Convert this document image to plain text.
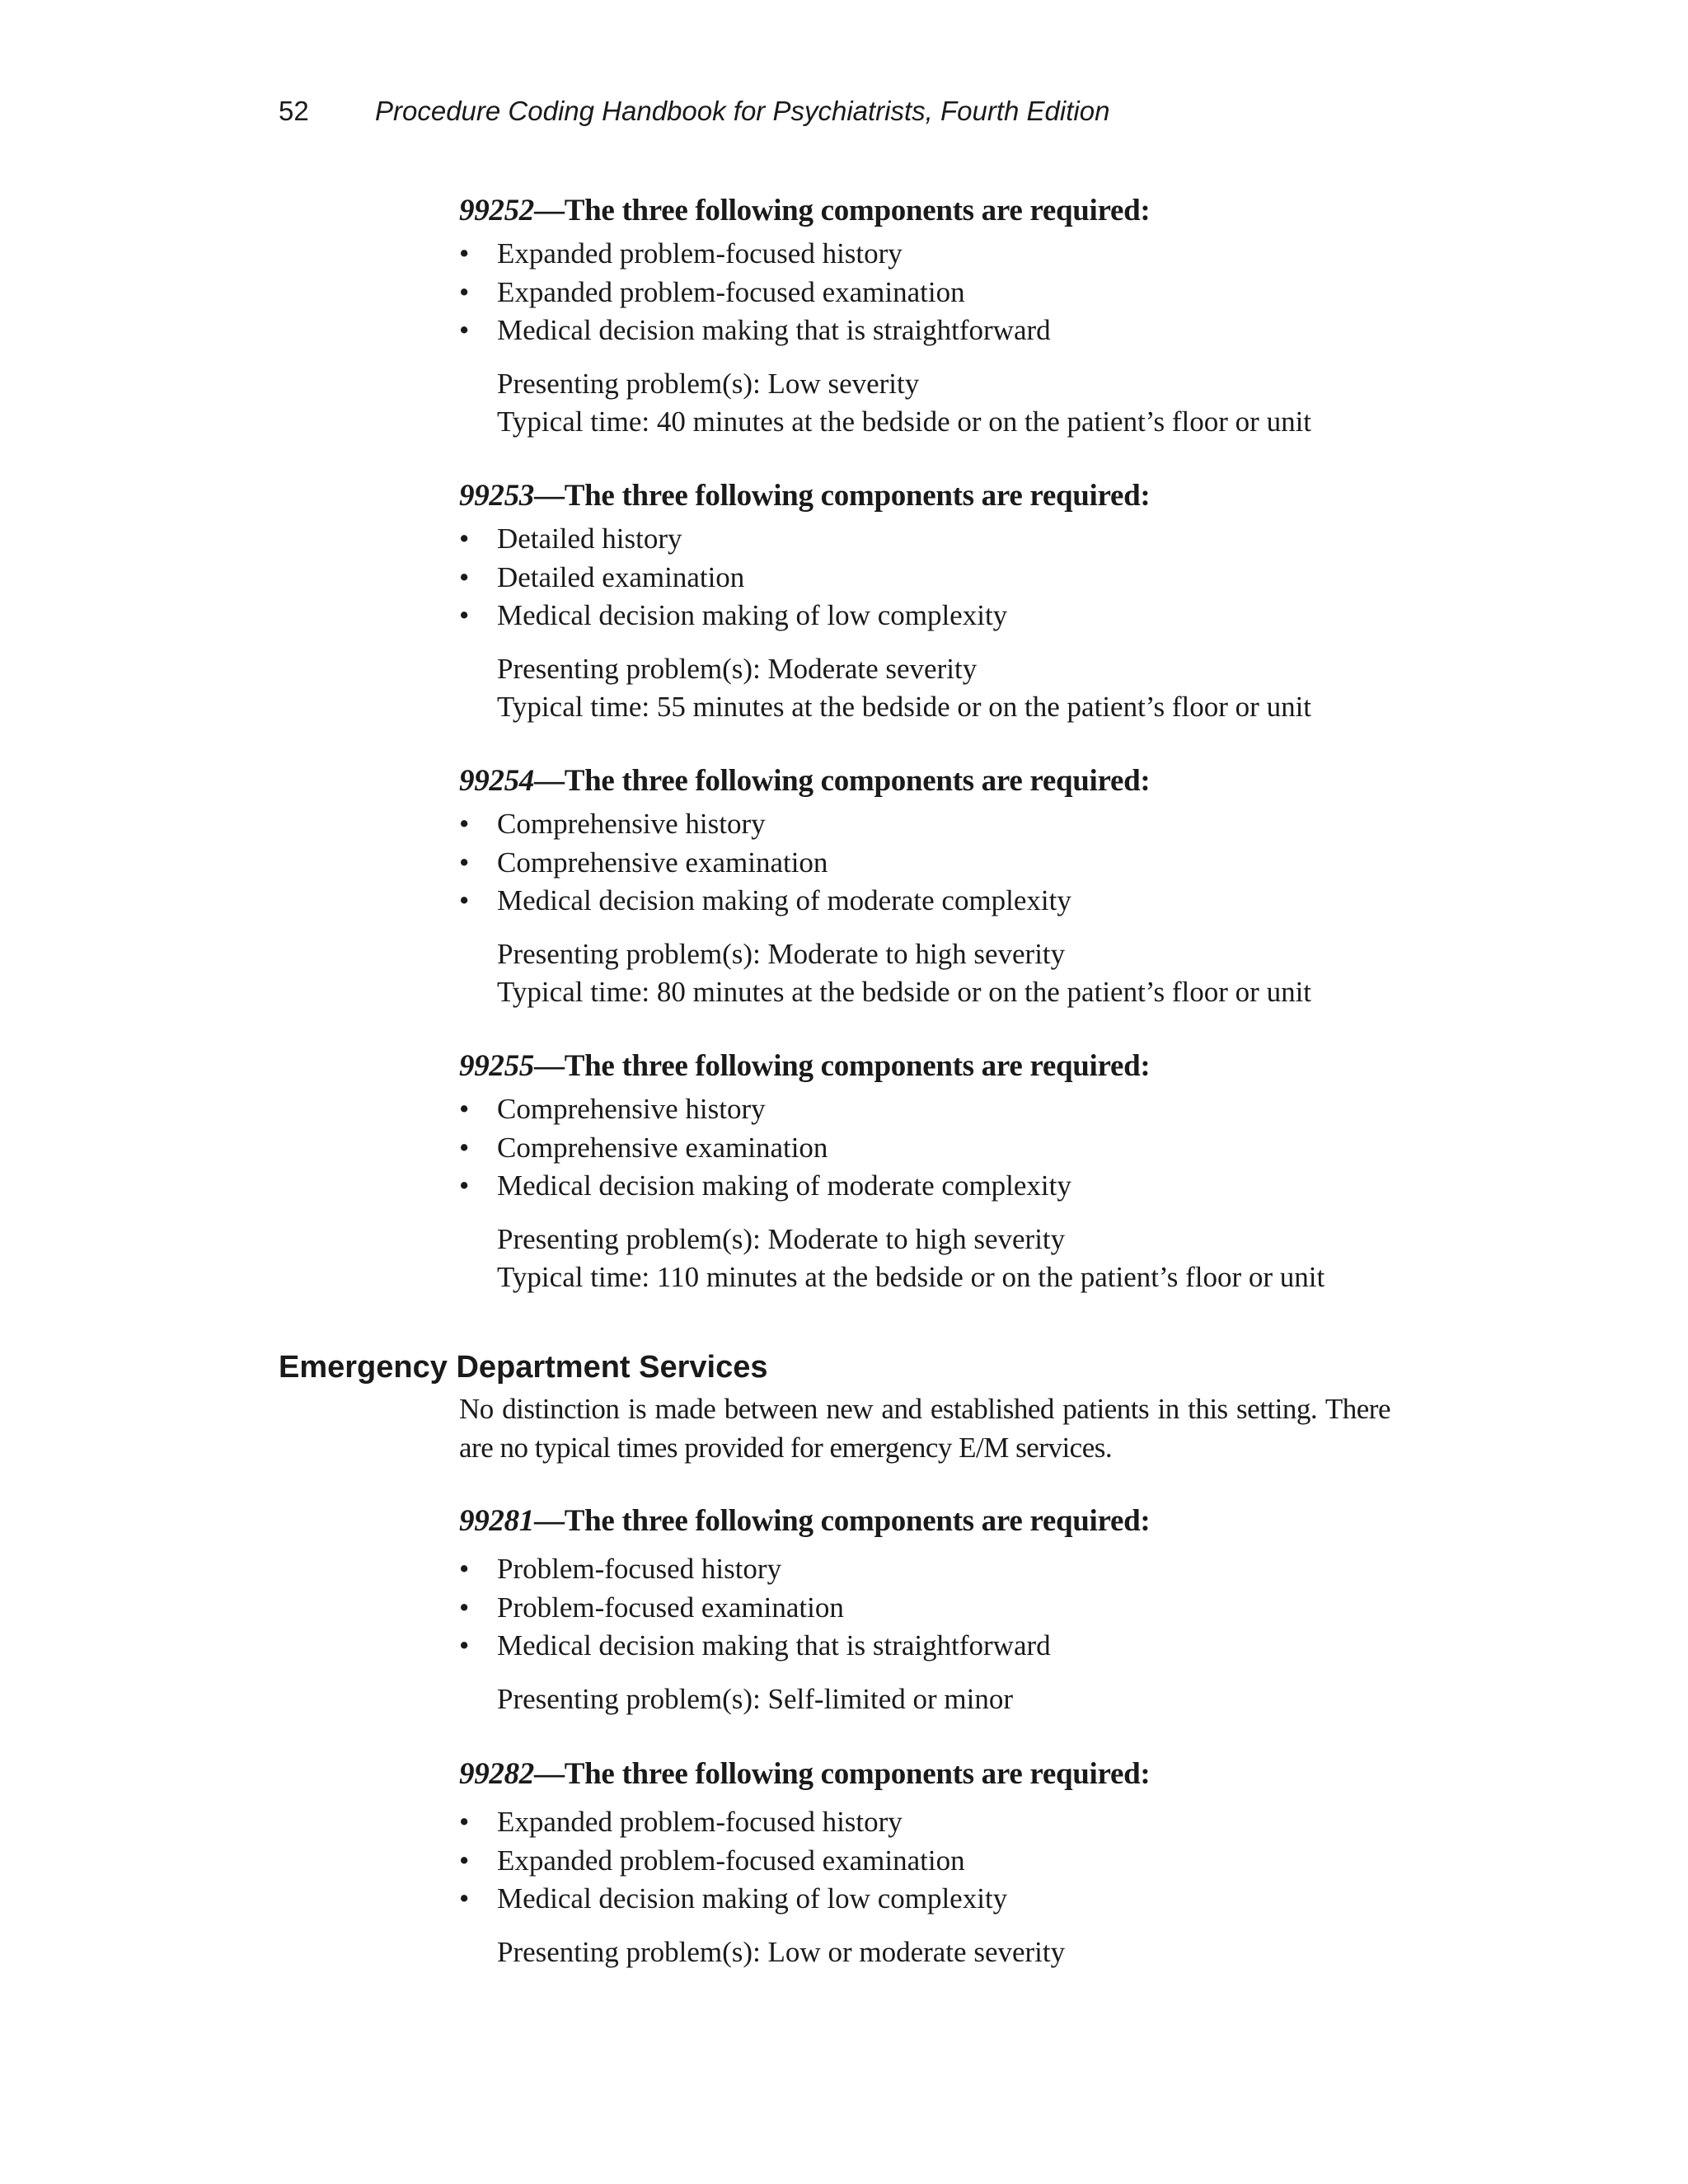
52	Procedure Coding Handbook for Psychiatrists, Fourth Edition
99252—The three following components are required:
• Expanded problem-focused history
• Expanded problem-focused examination
• Medical decision making that is straightforward
Presenting problem(s): Low severity
Typical time: 40 minutes at the bedside or on the patient’s floor or unit
99253—The three following components are required:
• Detailed history
• Detailed examination
• Medical decision making of low complexity
Presenting problem(s): Moderate severity
Typical time: 55 minutes at the bedside or on the patient’s floor or unit
99254—The three following components are required:
• Comprehensive history
• Comprehensive examination
• Medical decision making of moderate complexity
Presenting problem(s): Moderate to high severity
Typical time: 80 minutes at the bedside or on the patient’s floor or unit
99255—The three following components are required:
• Comprehensive history
• Comprehensive examination
• Medical decision making of moderate complexity
Presenting problem(s): Moderate to high severity
Typical time: 110 minutes at the bedside or on the patient’s floor or unit

No distinction is made between new and established patients in this setting. There are no typical times provided for emergency E/M services.

99281—The three following components are required:
• Problem-focused history
• Problem-focused examination
• Medical decision making that is straightforward
Presenting problem(s): Self-limited or minor
99282—The three following components are required:
• Expanded problem-focused history
• Expanded problem-focused examination
• Medical decision making of low complexity
Presenting problem(s): Low or moderate severity
Emergency Department Services
